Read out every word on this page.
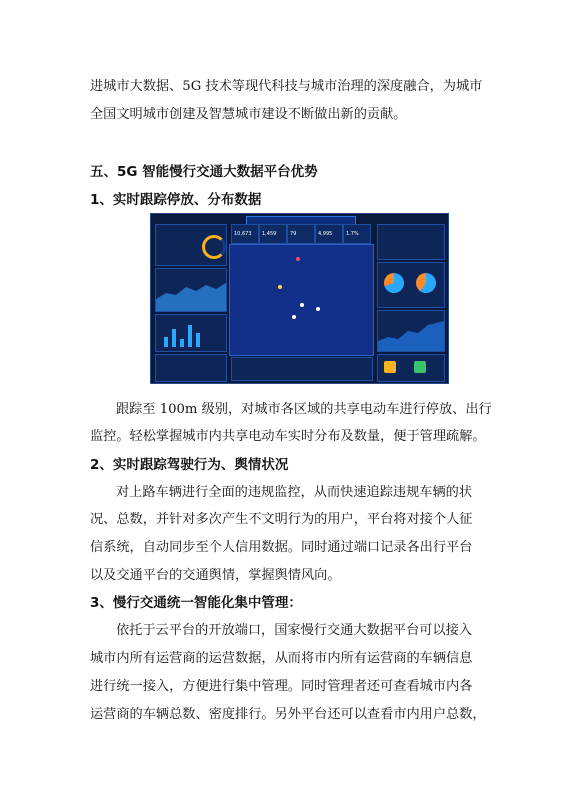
进城市大数据、5G 技术等现代科技与城市治理的深度融合，为城市
全国文明城市创建及智慧城市建设不断做出新的贡献。
五、5G 智能慢行交通大数据平台优势
1、实时跟踪停放、分布数据
10,673 1,459	79	4,995	1.7%
跟踪至 100m 级别，对城市各区域的共享电动车进行停放、出行
监控。轻松掌握城市内共享电动车实时分布及数量，便于管理疏解。
2、实时跟踪驾驶行为、舆情状况
对上路车辆进行全面的违规监控，从而快速追踪违规车辆的状
况、总数，并针对多次产生不文明行为的用户，平台将对接个人征
信系统，自动同步至个人信用数据。同时通过端口记录各出行平台
以及交通平台的交通舆情，掌握舆情风向。
3、慢行交通统一智能化集中管理：
依托于云平台的开放端口，国家慢行交通大数据平台可以接入
城市内所有运营商的运营数据，从而将市内所有运营商的车辆信息
进行统一接入，方便进行集中管理。同时管理者还可查看城市内各
运营商的车辆总数、密度排行。另外平台还可以查看市内用户总数，
